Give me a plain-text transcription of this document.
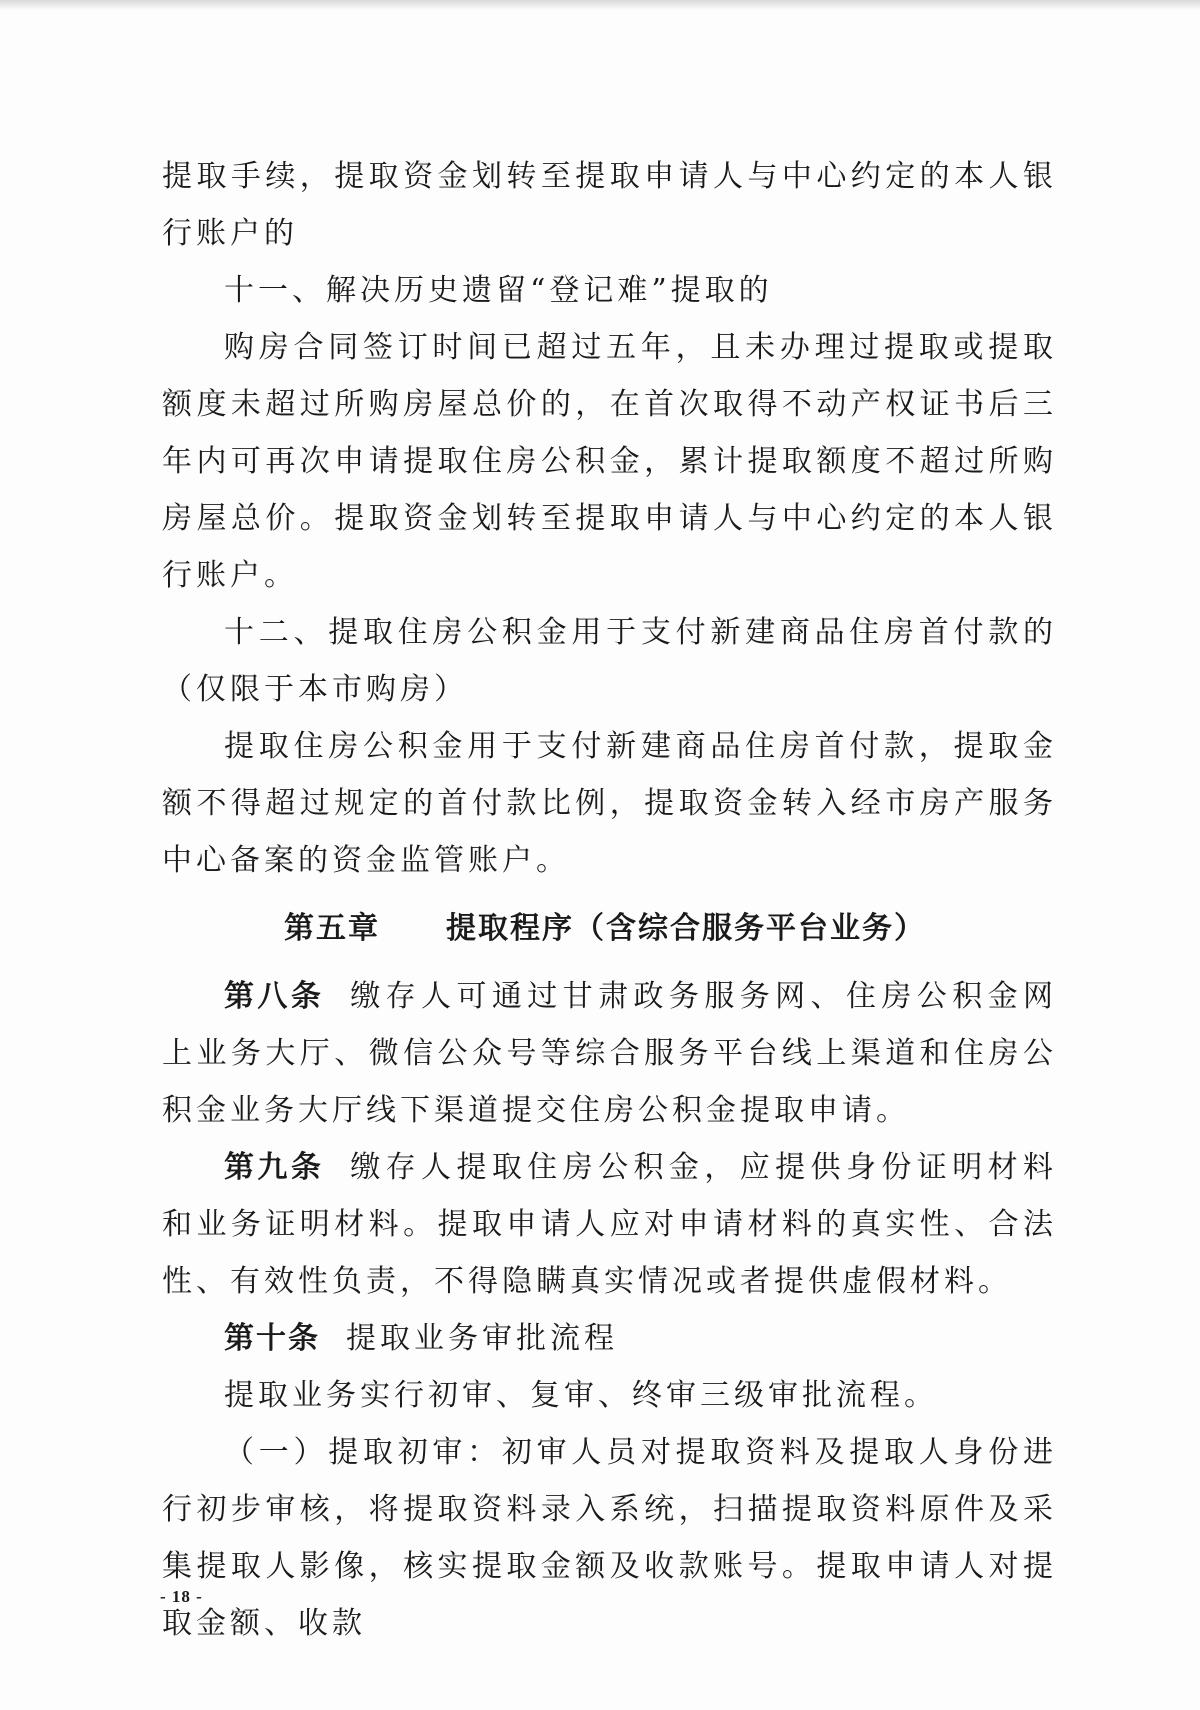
提取手续，提取资金划转至提取申请人与中心约定的本人银行账户的

十一、解决历史遗留“登记难”提取的

购房合同签订时间已超过五年，且未办理过提取或提取额度未超过所购房屋总价的，在首次取得不动产权证书后三年内可再次申请提取住房公积金，累计提取额度不超过所购房屋总价。提取资金划转至提取申请人与中心约定的本人银行账户。

十二、提取住房公积金用于支付新建商品住房首付款的（仅限于本市购房）

提取住房公积金用于支付新建商品住房首付款，提取金额不得超过规定的首付款比例，提取资金转入经市房产服务中心备案的资金监管账户。

第五章 提取程序（含综合服务平台业务）

第八条 缴存人可通过甘肃政务服务网、住房公积金网上业务大厅、微信公众号等综合服务平台线上渠道和住房公积金业务大厅线下渠道提交住房公积金提取申请。

第九条 缴存人提取住房公积金，应提供身份证明材料和业务证明材料。提取申请人应对申请材料的真实性、合法性、有效性负责，不得隐瞒真实情况或者提供虚假材料。

第十条 提取业务审批流程

提取业务实行初审、复审、终审三级审批流程。

（一）提取初审：初审人员对提取资料及提取人身份进行初步审核，将提取资料录入系统，扫描提取资料原件及采集提取人影像，核实提取金额及收款账号。提取申请人对提取金额、收款

- 18 -
